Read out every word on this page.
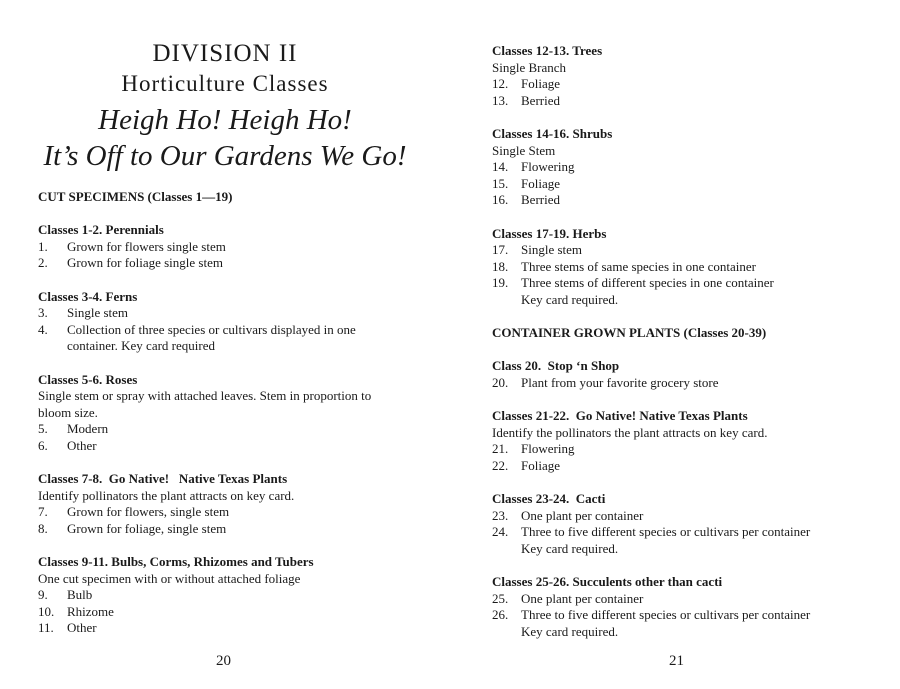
DIVISION II
Horticulture Classes
Heigh Ho! Heigh Ho!
It’s Off to Our Gardens We Go!
CUT SPECIMENS (Classes 1—19)
Classes 1-2. Perennials
1.	Grown for flowers single stem
2.	Grown for foliage single stem
Classes 3-4. Ferns
3.	Single stem
4.	Collection of three species or cultivars displayed in one
container. Key card required
Classes 5-6. Roses
Single stem or spray with attached leaves. Stem in proportion to
bloom size.
5.	Modern
6.	Other
Classes 7-8.  Go Native!   Native Texas Plants
Identify pollinators the plant attracts on key card.
7.	Grown for flowers, single stem
8.	Grown for foliage, single stem
Classes 9-11. Bulbs, Corms, Rhizomes and Tubers
One cut specimen with or without attached foliage
9.	Bulb
10. Rhizome
11.	Other
20
Classes 12-13. Trees
Single Branch
12. Foliage
13. Berried
Classes 14-16. Shrubs
Single Stem
14. Flowering
15. Foliage
16. Berried
Classes 17-19. Herbs
17. Single stem
18. Three stems of same species in one container
19. Three stems of different species in one container
Key card required.
CONTAINER GROWN PLANTS (Classes 20-39)
Class 20.  Stop ‘n Shop
20. Plant from your favorite grocery store
Classes 21-22.  Go Native! Native Texas Plants
Identify the pollinators the plant attracts on key card.
21. Flowering
22. Foliage
Classes 23-24.  Cacti
23. One plant per container
24. Three to five different species or cultivars per container
Key card required.
Classes 25-26. Succulents other than cacti
25. One plant per container
26. Three to five different species or cultivars per container
Key card required.
21
